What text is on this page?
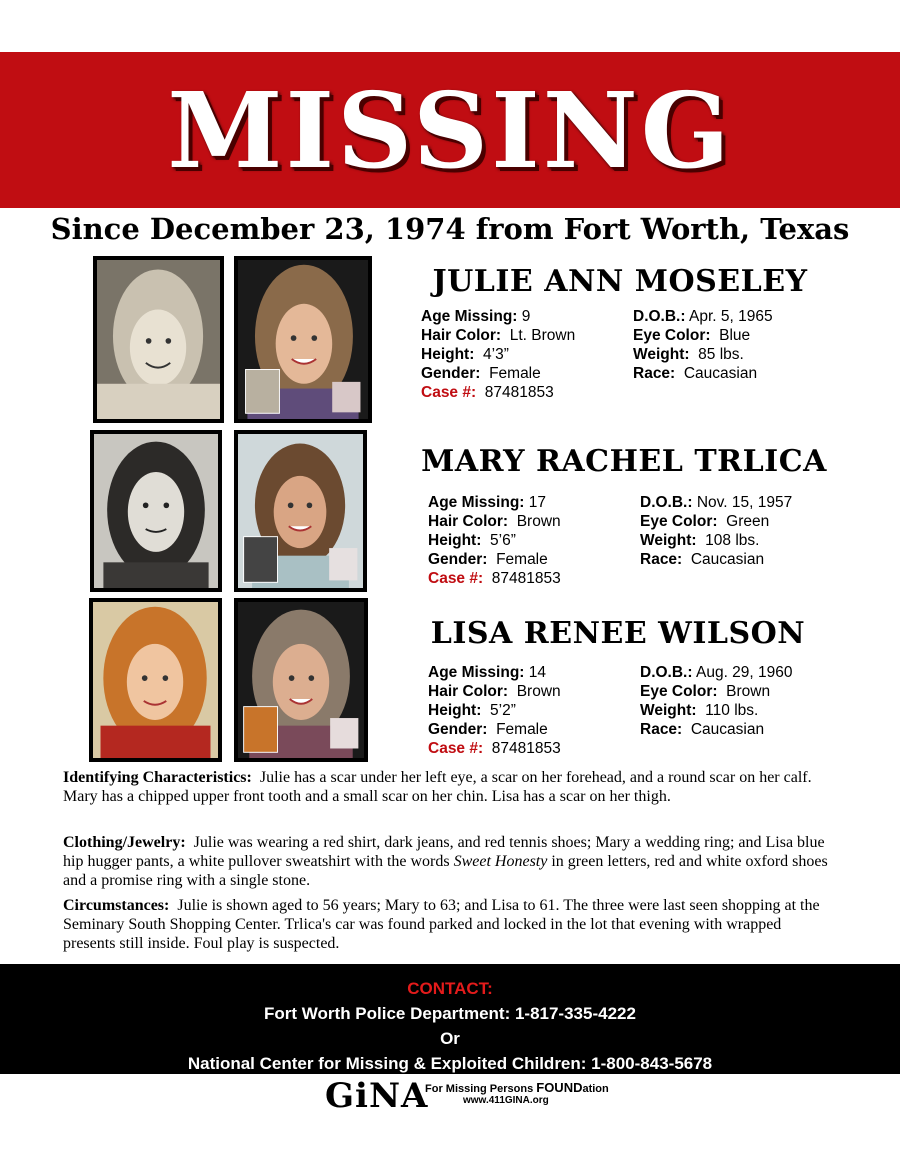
MISSING
Since December 23, 1974 from Fort Worth, Texas
JULIE ANN MOSELEY
Age Missing: 9	D.O.B.: Apr. 5, 1965
Hair Color: Lt. Brown	Eye Color: Blue
Height: 4’3”	Weight: 85 lbs.
Gender: Female	Race: Caucasian
Case #: 87481853
MARY RACHEL TRLICA
Age Missing: 17	D.O.B.: Nov. 15, 1957
Hair Color: Brown	Eye Color: Green
Height: 5’6”	Weight: 108 lbs.
Gender: Female	Race: Caucasian
Case #: 87481853
LISA RENEE WILSON
Age Missing: 14	D.O.B.: Aug. 29, 1960
Hair Color: Brown	Eye Color: Brown
Height: 5’2”	Weight: 110 lbs.
Gender: Female	Race: Caucasian
Case #: 87481853
Identifying Characteristics: Julie has a scar under her left eye, a scar on her forehead, and a round scar on her calf. Mary has a chipped upper front tooth and a small scar on her chin. Lisa has a scar on her thigh.
Clothing/Jewelry: Julie was wearing a red shirt, dark jeans, and red tennis shoes; Mary a wedding ring; and Lisa blue hip hugger pants, a white pullover sweatshirt with the words Sweet Honesty in green letters, red and white oxford shoes and a promise ring with a single stone.
Circumstances: Julie is shown aged to 56 years; Mary to 63; and Lisa to 61. The three were last seen shopping at the Seminary South Shopping Center. Trlica's car was found parked and locked in the lot that evening with wrapped presents still inside. Foul play is suspected.
CONTACT:
Fort Worth Police Department: 1-817-335-4222
Or
National Center for Missing & Exploited Children: 1-800-843-5678
GiNA
For Missing Persons FOUNDation
www.411GINA.org
